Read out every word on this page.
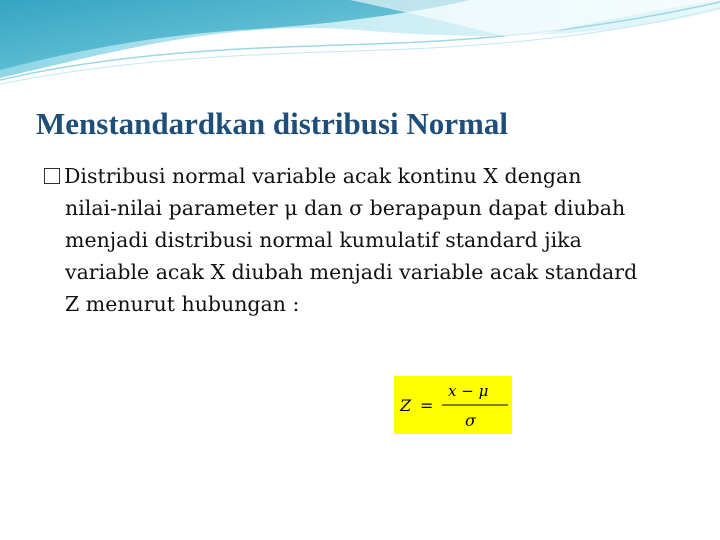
Menstandardkan distribusi Normal
Distribusi normal variable acak kontinu X dengan
nilai-nilai parameter μ dan σ berapapun dapat diubah
menjadi distribusi normal kumulatif standard jika
variable acak X diubah menjadi variable acak standard
Z menurut hubungan :
Z =
x − μ
σ
